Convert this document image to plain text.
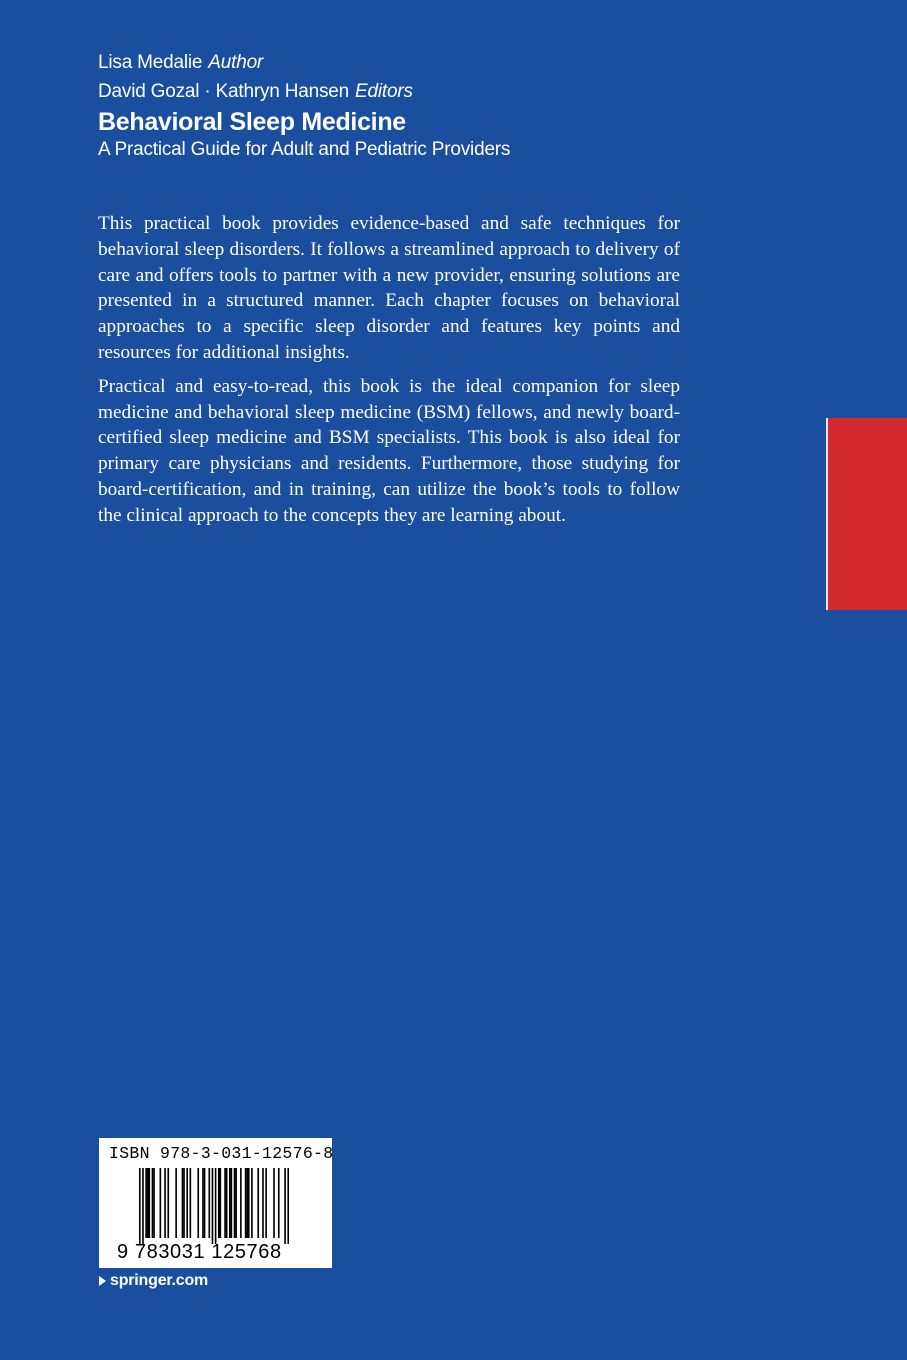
Lisa Medalie Author
David Gozal · Kathryn Hansen Editors
Behavioral Sleep Medicine
A Practical Guide for Adult and Pediatric Providers

This practical book provides evidence-based and safe techniques for behavioral sleep disorders. It follows a streamlined approach to delivery of care and offers tools to partner with a new provider, ensuring solutions are presented in a structured manner. Each chapter focuses on behavioral approaches to a specific sleep disorder and features key points and resources for additional insights.

Practical and easy-to-read, this book is the ideal companion for sleep medicine and behavioral sleep medicine (BSM) fellows, and newly board-certified sleep medicine and BSM specialists. This book is also ideal for primary care physicians and residents. Furthermore, those studying for board-certification, and in training, can utilize the book’s tools to follow the clinical approach to the concepts they are learning about.

ISBN 978-3-031-12576-8
9 783031 125768
springer.com
